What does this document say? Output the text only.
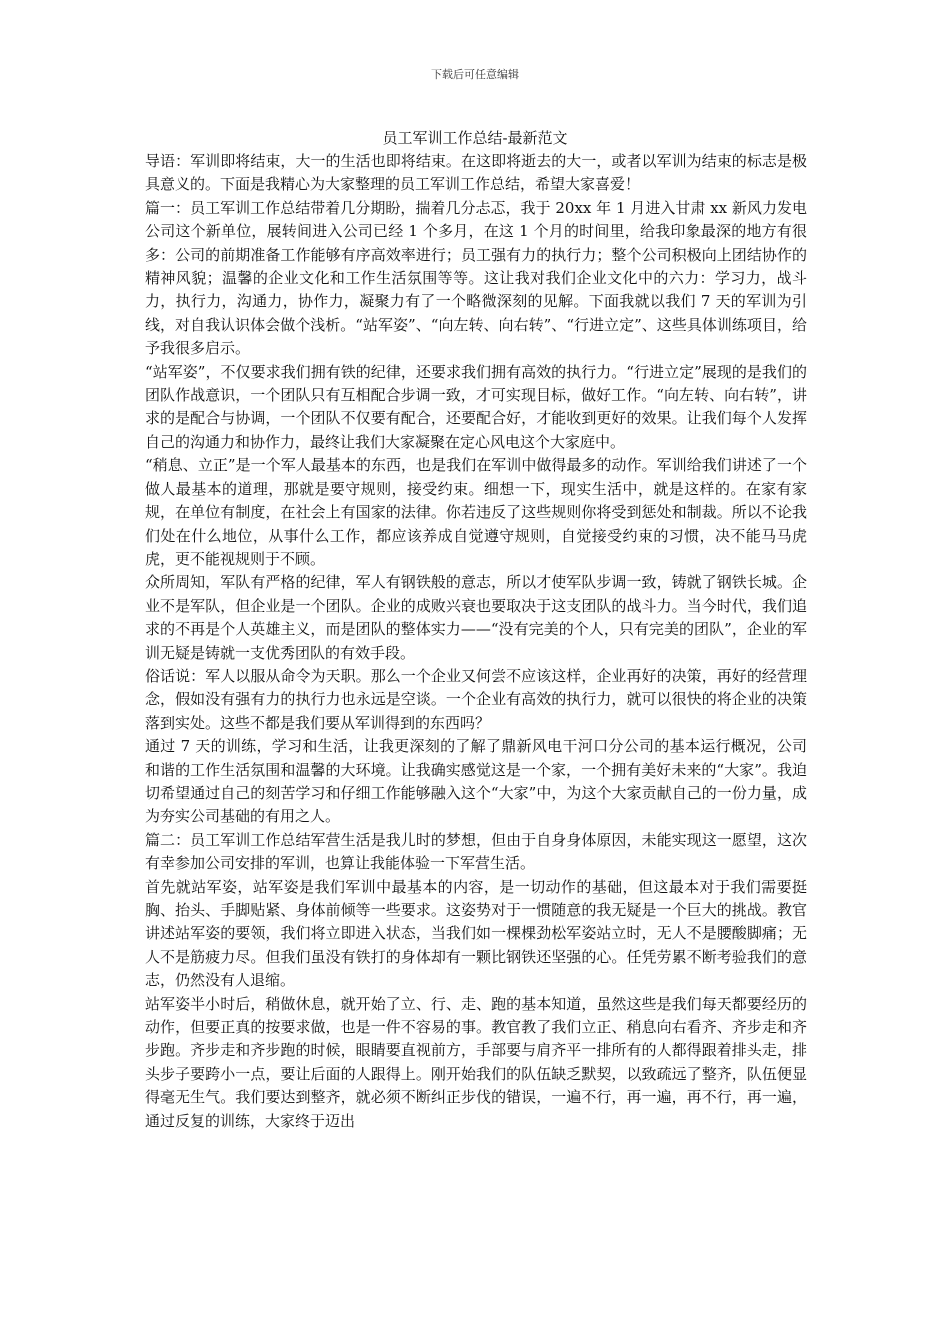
下载后可任意编辑
员工军训工作总结-最新范文

导语：军训即将结束，大一的生活也即将结束。在这即将逝去的大一，或者以军训为结束的标志是极具意义的。下面是我精心为大家整理的员工军训工作总结，希望大家喜爱！

篇一：员工军训工作总结带着几分期盼，揣着几分忐忑，我于 20xx 年 1 月进入甘肃 xx 新风力发电公司这个新单位，展转间进入公司已经 1 个多月，在这 1 个月的时间里，给我印象最深的地方有很多：公司的前期准备工作能够有序高效率进行；员工强有力的执行力；整个公司积极向上团结协作的精神风貌；温馨的企业文化和工作生活氛围等等。这让我对我们企业文化中的六力：学习力，战斗力，执行力，沟通力，协作力，凝聚力有了一个略微深刻的见解。下面我就以我们 7 天的军训为引线，对自我认识体会做个浅析。“站军姿”、“向左转、向右转”、“行进立定”、这些具体训练项目，给予我很多启示。

“站军姿”，不仅要求我们拥有铁的纪律，还要求我们拥有高效的执行力。“行进立定”展现的是我们的团队作战意识，一个团队只有互相配合步调一致，才可实现目标，做好工作。“向左转、向右转”，讲求的是配合与协调，一个团队不仅要有配合，还要配合好，才能收到更好的效果。让我们每个人发挥自己的沟通力和协作力，最终让我们大家凝聚在定心风电这个大家庭中。

“稍息、立正”是一个军人最基本的东西，也是我们在军训中做得最多的动作。军训给我们讲述了一个做人最基本的道理，那就是要守规则，接受约束。细想一下，现实生活中，就是这样的。在家有家规，在单位有制度，在社会上有国家的法律。你若违反了这些规则你将受到惩处和制裁。所以不论我们处在什么地位，从事什么工作，都应该养成自觉遵守规则，自觉接受约束的习惯，决不能马马虎虎，更不能视规则于不顾。

众所周知，军队有严格的纪律，军人有钢铁般的意志，所以才使军队步调一致，铸就了钢铁长城。企业不是军队，但企业是一个团队。企业的成败兴衰也要取决于这支团队的战斗力。当今时代，我们追求的不再是个人英雄主义，而是团队的整体实力——“没有完美的个人，只有完美的团队”，企业的军训无疑是铸就一支优秀团队的有效手段。

俗话说：军人以服从命令为天职。那么一个企业又何尝不应该这样，企业再好的决策，再好的经营理念，假如没有强有力的执行力也永远是空谈。一个企业有高效的执行力，就可以很快的将企业的决策落到实处。这些不都是我们要从军训得到的东西吗？

通过 7 天的训练，学习和生活，让我更深刻的了解了鼎新风电干河口分公司的基本运行概况，公司和谐的工作生活氛围和温馨的大环境。让我确实感觉这是一个家，一个拥有美好未来的“大家”。我迫切希望通过自己的刻苦学习和仔细工作能够融入这个“大家”中，为这个大家贡献自己的一份力量，成为夯实公司基础的有用之人。

篇二：员工军训工作总结军营生活是我儿时的梦想，但由于自身身体原因，未能实现这一愿望，这次有幸参加公司安排的军训，也算让我能体验一下军营生活。

首先就站军姿，站军姿是我们军训中最基本的内容，是一切动作的基础，但这最本对于我们需要挺胸、抬头、手脚贴紧、身体前倾等一些要求。这姿势对于一惯随意的我无疑是一个巨大的挑战。教官讲述站军姿的要领，我们将立即进入状态，当我们如一棵棵劲松军姿站立时，无人不是腰酸脚痛；无人不是筋疲力尽。但我们虽没有铁打的身体却有一颗比钢铁还坚强的心。任凭劳累不断考验我们的意志，仍然没有人退缩。

站军姿半小时后，稍做休息，就开始了立、行、走、跑的基本知道，虽然这些是我们每天都要经历的动作，但要正真的按要求做，也是一件不容易的事。教官教了我们立正、稍息向右看齐、齐步走和齐步跑。齐步走和齐步跑的时候，眼睛要直视前方，手部要与肩齐平一排所有的人都得跟着排头走，排头步子要跨小一点，要让后面的人跟得上。刚开始我们的队伍缺乏默契，以致疏远了整齐，队伍便显得毫无生气。我们要达到整齐，就必须不断纠正步伐的错误，一遍不行，再一遍，再不行，再一遍，通过反复的训练，大家终于迈出
